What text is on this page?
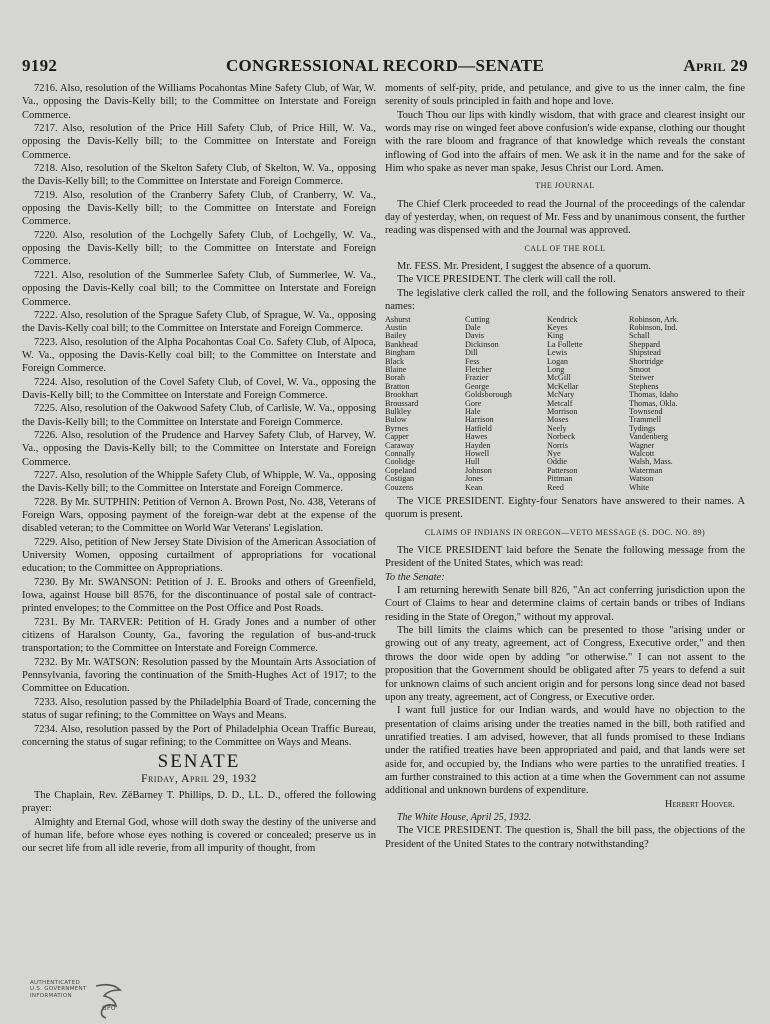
9192	CONGRESSIONAL RECORD—SENATE	April 29

7216. Also, resolution of the Williams Pocahontas Mine Safety Club, of War, W. Va., opposing the Davis-Kelly bill; to the Committee on Interstate and Foreign Commerce.

7217. Also, resolution of the Price Hill Safety Club, of Price Hill, W. Va., opposing the Davis-Kelly bill; to the Committee on Interstate and Foreign Commerce.

7218. Also, resolution of the Skelton Safety Club, of Skelton, W. Va., opposing the Davis-Kelly bill; to the Committee on Interstate and Foreign Commerce.

7219. Also, resolution of the Cranberry Safety Club, of Cranberry, W. Va., opposing the Davis-Kelly bill; to the Committee on Interstate and Foreign Commerce.

7220. Also, resolution of the Lochgelly Safety Club, of Lochgelly, W. Va., opposing the Davis-Kelly bill; to the Committee on Interstate and Foreign Commerce.

7221. Also, resolution of the Summerlee Safety Club, of Summerlee, W. Va., opposing the Davis-Kelly coal bill; to the Committee on Interstate and Foreign Commerce.

7222. Also, resolution of the Sprague Safety Club, of Sprague, W. Va., opposing the Davis-Kelly coal bill; to the Committee on Interstate and Foreign Commerce.

7223. Also, resolution of the Alpha Pocahontas Coal Co. Safety Club, of Alpoca, W. Va., opposing the Davis-Kelly coal bill; to the Committee on Interstate and Foreign Commerce.

7224. Also, resolution of the Covel Safety Club, of Covel, W. Va., opposing the Davis-Kelly bill; to the Committee on Interstate and Foreign Commerce.

7225. Also, resolution of the Oakwood Safety Club, of Carlisle, W. Va., opposing the Davis-Kelly bill; to the Committee on Interstate and Foreign Commerce.

7226. Also, resolution of the Prudence and Harvey Safety Club, of Harvey, W. Va., opposing the Davis-Kelly bill; to the Committee on Interstate and Foreign Commerce.

7227. Also, resolution of the Whipple Safety Club, of Whipple, W. Va., opposing the Davis-Kelly bill; to the Committee on Interstate and Foreign Commerce.

7228. By Mr. SUTPHIN: Petition of Vernon A. Brown Post, No. 438, Veterans of Foreign Wars, opposing payment of the foreign-war debt at the expense of the disabled veteran; to the Committee on World War Veterans' Legislation.

7229. Also, petition of New Jersey State Division of the American Association of University Women, opposing curtailment of appropriations for vocational education; to the Committee on Appropriations.

7230. By Mr. SWANSON: Petition of J. E. Brooks and others of Greenfield, Iowa, against House bill 8576, for the discontinuance of postal sale of contract-printed envelopes; to the Committee on the Post Office and Post Roads.

7231. By Mr. TARVER: Petition of H. Grady Jones and a number of other citizens of Haralson County, Ga., favoring the regulation of bus-and-truck transportation; to the Committee on Interstate and Foreign Commerce.

7232. By Mr. WATSON: Resolution passed by the Mountain Arts Association of Pennsylvania, favoring the continuation of the Smith-Hughes Act of 1917; to the Committee on Education.

7233. Also, resolution passed by the Philadelphia Board of Trade, concerning the status of sugar refining; to the Committee on Ways and Means.

7234. Also, resolution passed by the Port of Philadelphia Ocean Traffic Bureau, concerning the status of sugar refining; to the Committee on Ways and Means.

SENATE
Friday, April 29, 1932

The Chaplain, Rev. ZēBarney T. Phillips, D. D., LL. D., offered the following prayer:

Almighty and Eternal God, whose will doth sway the destiny of the universe and of human life, before whose eyes nothing is covered or concealed; preserve us in our secret life from all idle reverie, from all impurity of thought, from

moments of self-pity, pride, and petulance, and give to us the inner calm, the fine serenity of souls principled in faith and hope and love.

Touch Thou our lips with kindly wisdom, that with grace and clearest insight our words may rise on winged feet above confusion's wide expanse, clothing our thought with the rare bloom and fragrance of that knowledge which reveals the constant inflowing of God into the affairs of men. We ask it in the name and for the sake of Him who spake as never man spake, Jesus Christ our Lord. Amen.

THE JOURNAL

The Chief Clerk proceeded to read the Journal of the proceedings of the calendar day of yesterday, when, on request of Mr. Fess and by unanimous consent, the further reading was dispensed with and the Journal was approved.

CALL OF THE ROLL

Mr. FESS. Mr. President, I suggest the absence of a quorum.

The VICE PRESIDENT. The clerk will call the roll.

The legislative clerk called the roll, and the following Senators answered to their names:

Ashurst
Austin
Bailey
Bankhead
Bingham
Black
Blaine
Borah
Bratton
Brookhart
Broussard
Bulkley
Bulow
Byrnes
Capper
Caraway
Connally
Coolidge
Copeland
Costigan
Couzens
Cutting
Dale
Davis
Dickinson
Dill
Fess
Fletcher
Frazier
George
Goldsborough
Gore
Hale
Harrison
Hatfield
Hawes
Hayden
Howell
Hull
Johnson
Jones
Kean
Kendrick
Keyes
King
La Follette
Lewis
Logan
Long
McGill
McKellar
McNary
Metcalf
Morrison
Moses
Neely
Norbeck
Norris
Nye
Oddie
Patterson
Pittman
Reed
Robinson, Ark.
Robinson, Ind.
Schall
Sheppard
Shipstead
Shortridge
Smoot
Steiwer
Stephens
Thomas, Idaho
Thomas, Okla.
Townsend
Trammell
Tydings
Vandenberg
Wagner
Walcott
Walsh, Mass.
Waterman
Watson
White

The VICE PRESIDENT. Eighty-four Senators have answered to their names. A quorum is present.

CLAIMS OF INDIANS IN OREGON—VETO MESSAGE (S. DOC. NO. 89)

The VICE PRESIDENT laid before the Senate the following message from the President of the United States, which was read:

To the Senate:

I am returning herewith Senate bill 826, "An act conferring jurisdiction upon the Court of Claims to hear and determine claims of certain bands or tribes of Indians residing in the State of Oregon," without my approval.

The bill limits the claims which can be presented to those "arising under or growing out of any treaty, agreement, act of Congress, Executive order," and then throws the door wide open by adding "or otherwise." I can not assent to the proposition that the Government should be obligated after 75 years to defend a suit for unknown claims of such ancient origin and for persons long since dead not based upon any treaty, agreement, act of Congress, or Executive order.

I want full justice for our Indian wards, and would have no objection to the presentation of claims arising under the treaties named in the bill, both ratified and unratified treaties. I am advised, however, that all funds promised to these Indians under the ratified treaties have been appropriated and paid, and that lands were set aside for, and occupied by, the Indians who were parties to the unratified treaties. I am further constrained to this action at a time when the Government can not assume additional and unknown burdens of expenditure.

Herbert Hoover.
The White House, April 25, 1932.

The VICE PRESIDENT. The question is, Shall the bill pass, the objections of the President of the United States to the contrary notwithstanding?

AUTHENTICATED
U.S. GOVERNMENT
INFORMATION
GPO
